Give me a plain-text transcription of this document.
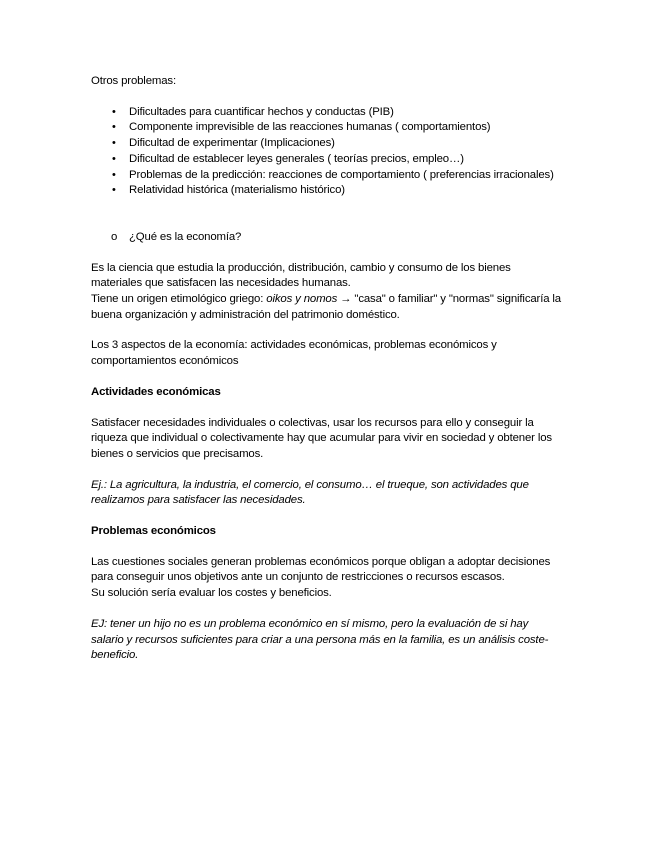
Otros problemas:

• Dificultades para cuantificar hechos y conductas (PIB)
• Componente imprevisible de las reacciones humanas ( comportamientos)
• Dificultad de experimentar (Implicaciones)
• Dificultad de establecer leyes generales ( teorías precios, empleo…)
• Problemas de la predicción: reacciones de comportamiento ( preferencias irracionales)
• Relatividad histórica (materialismo histórico)
o ¿Qué es la economía?

Es la ciencia que estudia la producción, distribución, cambio y consumo de los bienes materiales que satisfacen las necesidades humanas.
Tiene un origen etimológico griego: oikos y nomos → "casa" o familiar" y "normas" significaría la buena organización y administración del patrimonio doméstico.

Los 3 aspectos de la economía: actividades económicas, problemas económicos y comportamientos económicos

Actividades económicas

Satisfacer necesidades individuales o colectivas, usar los recursos para ello y conseguir la riqueza que individual o colectivamente hay que acumular para vivir en sociedad y obtener los bienes o servicios que precisamos.

Ej.: La agricultura, la industria, el comercio, el consumo… el trueque, son actividades que realizamos para satisfacer las necesidades.

Problemas económicos

Las cuestiones sociales generan problemas económicos porque obligan a adoptar decisiones para conseguir unos objetivos ante un conjunto de restricciones o recursos escasos.
Su solución sería evaluar los costes y beneficios.

EJ: tener un hijo no es un problema económico en sí mismo, pero la evaluación de si hay salario y recursos suficientes para criar a una persona más en la familia, es un análisis coste-beneficio.
